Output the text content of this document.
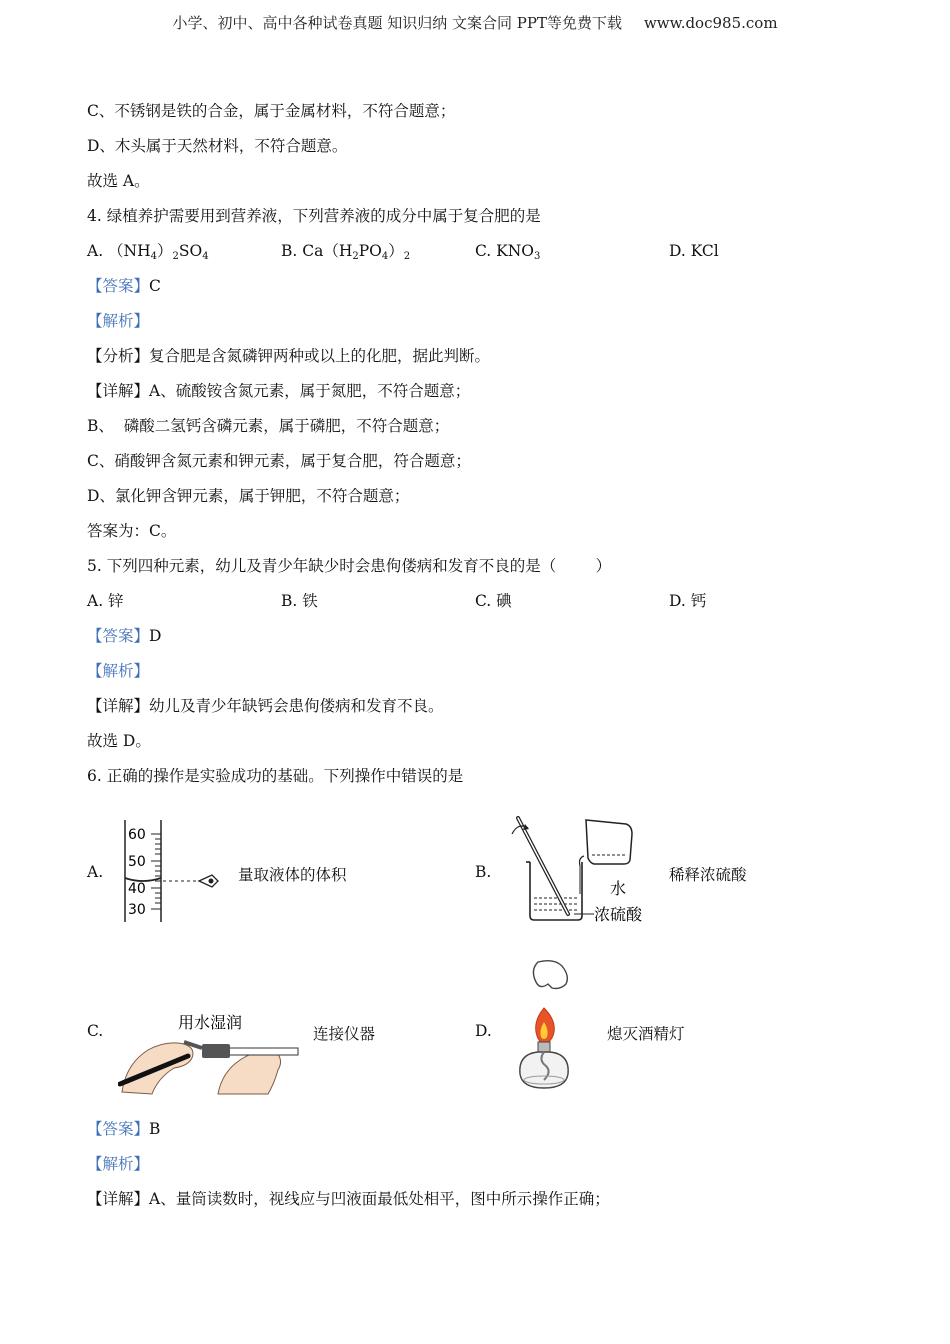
小学、初中、高中各种试卷真题 知识归纳 文案合同 PPT等免费下载 www.doc985.com
C、不锈钢是铁的合金，属于金属材料，不符合题意；
D、木头属于天然材料，不符合题意。
故选 A。
4. 绿植养护需要用到营养液，下列营养液的成分中属于复合肥的是
A. $(NH_4)_2SO_4$	B. $Ca(H_2PO_4)_2$	C. $KNO_3$	D. KCl
【答案】C
【解析】
【分析】复合肥是含氮磷钾两种或以上的化肥，据此判断。
【详解】A、硫酸铵含氮元素，属于氮肥，不符合题意；
B、  磷酸二氢钙含磷元素，属于磷肥，不符合题意；
C、硝酸钾含氮元素和钾元素，属于复合肥，符合题意；
D、氯化钾含钾元素，属于钾肥，不符合题意；
答案为：C。
5. 下列四种元素，幼儿及青少年缺少时会患佝偻病和发育不良的是（        ）
A. 锌	B. 铁	C. 碘	D. 钙
【答案】D
【解析】
【详解】幼儿及青少年缺钙会患佝偻病和发育不良。
故选 D。
6. 正确的操作是实验成功的基础。下列操作中错误的是
A.
60
50
40
30
量取液体的体积	B.
水
浓硫酸
稀释浓硫酸
C.	用水湿润
连接仪器	D.	熄灭酒精灯
【答案】B
【解析】
【详解】A、量筒读数时，视线应与凹液面最低处相平，图中所示操作正确；
